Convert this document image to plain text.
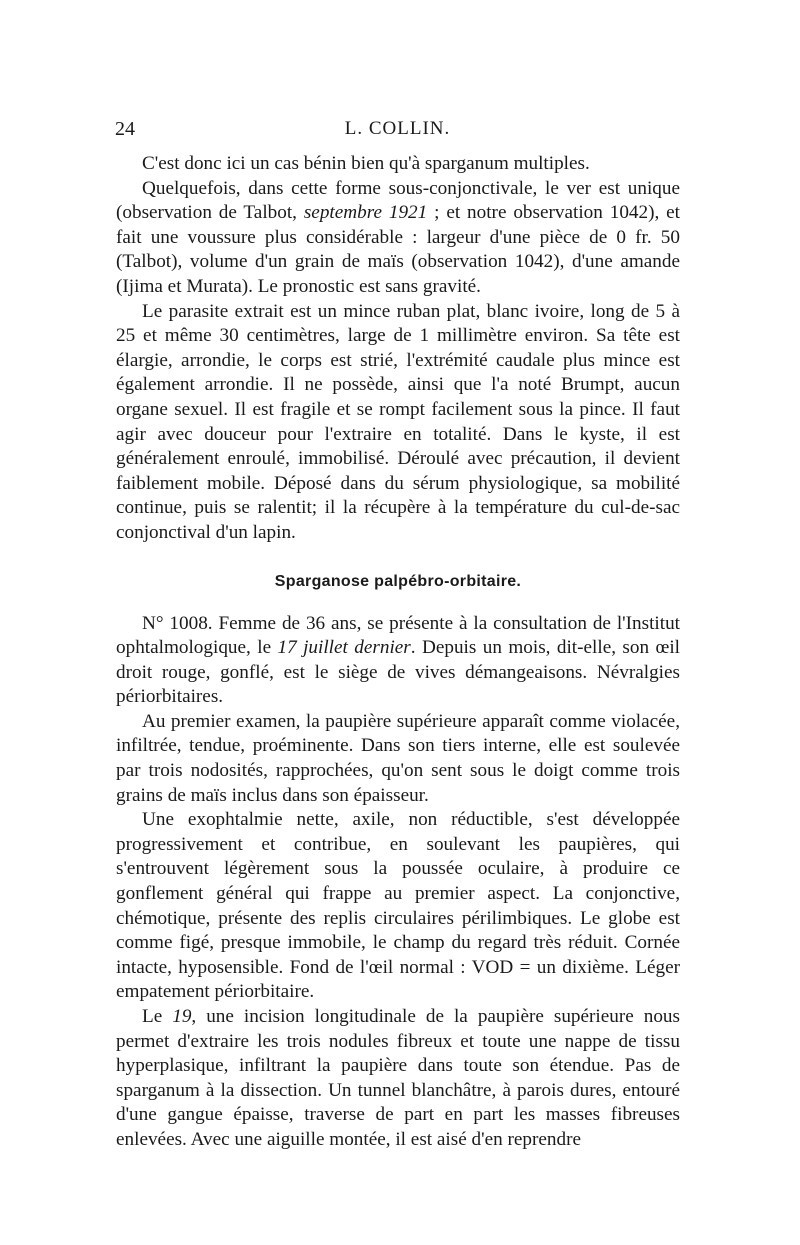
24	L. COLLIN.

C'est donc ici un cas bénin bien qu'à sparganum multiples.

Quelquefois, dans cette forme sous-conjonctivale, le ver est unique (observation de Talbot, septembre 1921 ; et notre observation 1042), et fait une voussure plus considérable : largeur d'une pièce de 0 fr. 50 (Talbot), volume d'un grain de maïs (observation 1042), d'une amande (Ijima et Murata). Le pronostic est sans gravité.

Le parasite extrait est un mince ruban plat, blanc ivoire, long de 5 à 25 et même 30 centimètres, large de 1 millimètre environ. Sa tête est élargie, arrondie, le corps est strié, l'extrémité caudale plus mince est également arrondie. Il ne possède, ainsi que l'a noté Brumpt, aucun organe sexuel. Il est fragile et se rompt facilement sous la pince. Il faut agir avec douceur pour l'extraire en totalité. Dans le kyste, il est généralement enroulé, immobilisé. Déroulé avec précaution, il devient faiblement mobile. Déposé dans du sérum physiologique, sa mobilité continue, puis se ralentit; il la récupère à la température du cul-de-sac conjonctival d'un lapin.

Sparganose palpébro-orbitaire.

N° 1008. Femme de 36 ans, se présente à la consultation de l'Institut ophtalmologique, le 17 juillet dernier. Depuis un mois, dit-elle, son œil droit rouge, gonflé, est le siège de vives démangeaisons. Névralgies périorbitaires.

Au premier examen, la paupière supérieure apparaît comme violacée, infiltrée, tendue, proéminente. Dans son tiers interne, elle est soulevée par trois nodosités, rapprochées, qu'on sent sous le doigt comme trois grains de maïs inclus dans son épaisseur.

Une exophtalmie nette, axile, non réductible, s'est développée progressivement et contribue, en soulevant les paupières, qui s'entrouvent légèrement sous la poussée oculaire, à produire ce gonflement général qui frappe au premier aspect. La conjonctive, chémotique, présente des replis circulaires périlimbiques. Le globe est comme figé, presque immobile, le champ du regard très réduit. Cornée intacte, hyposensible. Fond de l'œil normal : VOD = un dixième. Léger empatement périorbitaire.

Le 19, une incision longitudinale de la paupière supérieure nous permet d'extraire les trois nodules fibreux et toute une nappe de tissu hyperplasique, infiltrant la paupière dans toute son étendue. Pas de sparganum à la dissection. Un tunnel blanchâtre, à parois dures, entouré d'une gangue épaisse, traverse de part en part les masses fibreuses enlevées. Avec une aiguille montée, il est aisé d'en reprendre
